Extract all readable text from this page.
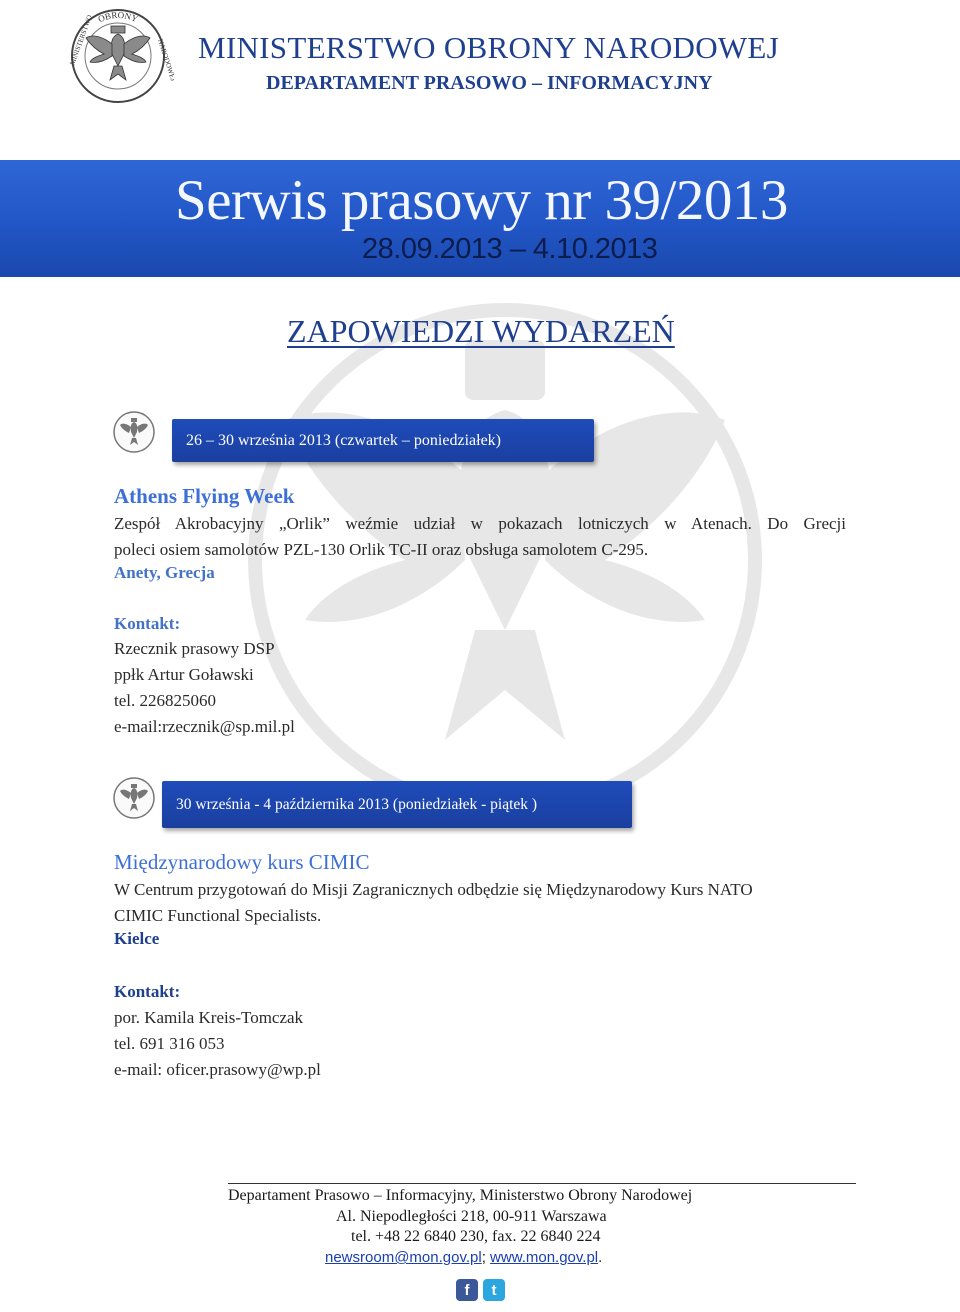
OBRONY
MINISTERSTWO	NARODOWEJ MINISTERSTWO OBRONY NARODOWEJ
DEPARTAMENT PRASOWO – INFORMACYJNY
Serwis prasowy nr 39/2013
28.09.2013 – 4.10.2013
ZAPOWIEDZI WYDARZEŃ
26 – 30 września 2013 (czwartek – poniedziałek)
Athens Flying Week
Zespół Akrobacyjny „Orlik” weźmie udział w pokazach lotniczych w Atenach. Do Grecji
poleci osiem samolotów PZL-130 Orlik TC-II oraz obsługa samolotem C-295.
Anety, Grecja
Kontakt:
Rzecznik prasowy DSP
ppłk Artur Goławski
tel. 226825060
e-mail:rzecznik@sp.mil.pl
30 września - 4 października 2013 (poniedziałek - piątek )
Międzynarodowy kurs CIMIC
W Centrum przygotowań do Misji Zagranicznych odbędzie się Międzynarodowy Kurs NATO
CIMIC Functional Specialists.
Kielce
Kontakt:
por. Kamila Kreis-Tomczak
tel. 691 316 053
e-mail: oficer.prasowy@wp.pl
Departament Prasowo – Informacyjny, Ministerstwo Obrony Narodowej
Al. Niepodległości 218, 00-911 Warszawa
tel. +48 22 6840 230, fax. 22 6840 224
newsroom@mon.gov.pl; www.mon.gov.pl.
f t
